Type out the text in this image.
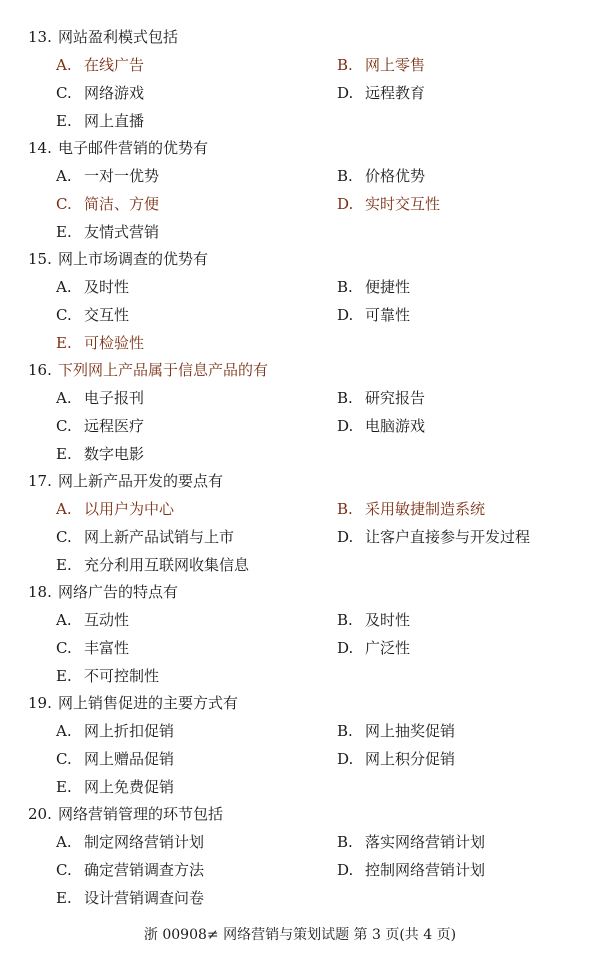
13. 网站盈利模式包括
A. 在线广告	B. 网上零售
C. 网络游戏	D. 远程教育
E. 网上直播
14. 电子邮件营销的优势有
A. 一对一优势	B. 价格优势
C. 简洁、方便	D. 实时交互性
E. 友情式营销
15. 网上市场调查的优势有
A. 及时性	B. 便捷性
C. 交互性	D. 可靠性
E. 可检验性
16. 下列网上产品属于信息产品的有
A. 电子报刊	B. 研究报告
C. 远程医疗	D. 电脑游戏
E. 数字电影
17. 网上新产品开发的要点有
A. 以用户为中心	B. 采用敏捷制造系统
C. 网上新产品试销与上市	D. 让客户直接参与开发过程
E. 充分利用互联网收集信息
18. 网络广告的特点有
A. 互动性	B. 及时性
C. 丰富性	D. 广泛性
E. 不可控制性
19. 网上销售促进的主要方式有
A. 网上折扣促销	B. 网上抽奖促销
C. 网上赠品促销	D. 网上积分促销
E. 网上免费促销
20. 网络营销管理的环节包括
A. 制定网络营销计划	B. 落实网络营销计划
C. 确定营销调查方法	D. 控制网络营销计划
E. 设计营销调查问卷
浙 00908≠ 网络营销与策划试题 第 3 页(共 4 页)
